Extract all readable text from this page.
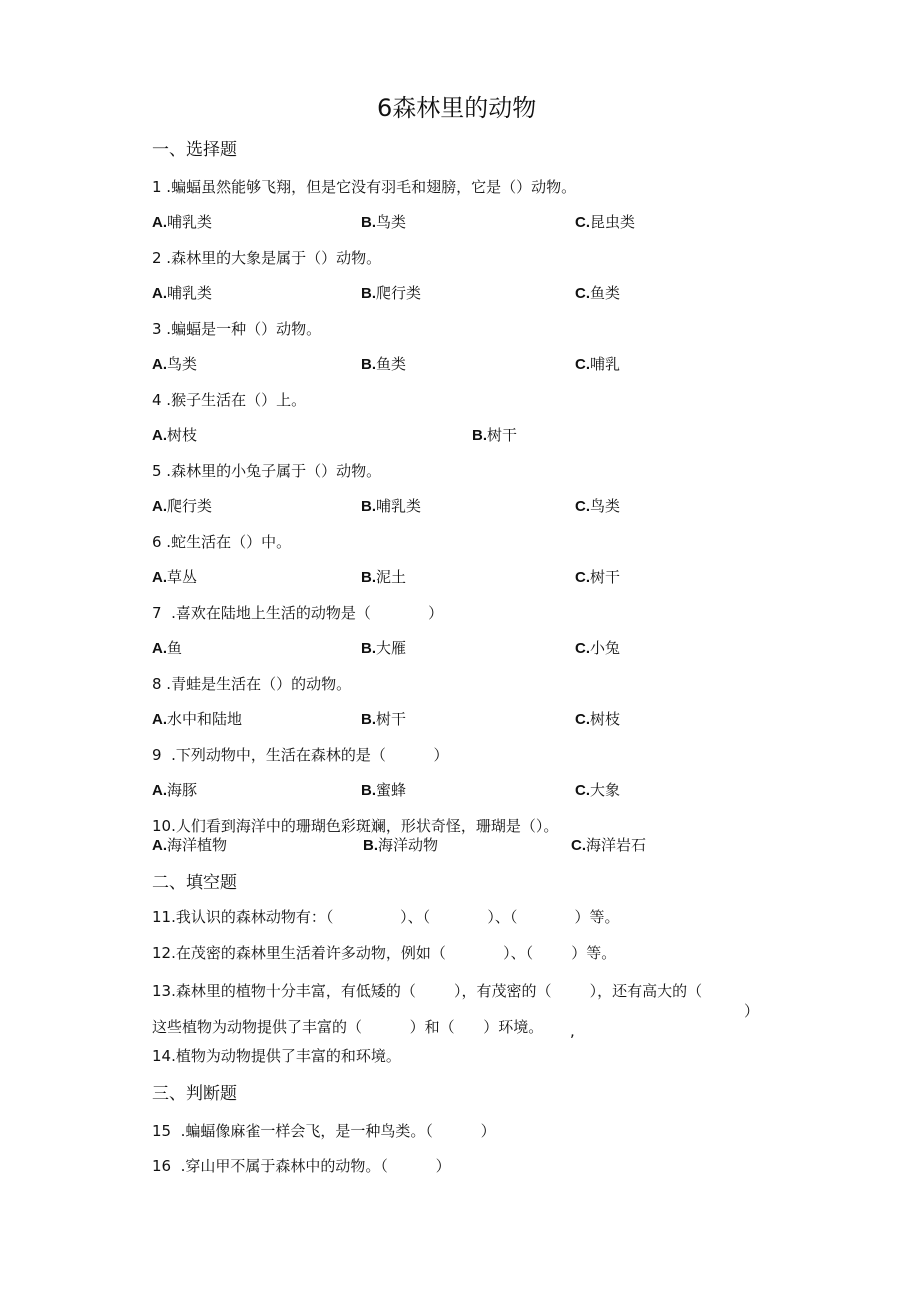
6森林里的动物
一、选择题
1 .蝙蝠虽然能够飞翔，但是它没有羽毛和翅膀，它是（）动物。
A.哺乳类	B.鸟类	C.昆虫类
2 .森林里的大象是属于（）动物。
A.哺乳类	B.爬行类	C.鱼类
3 .蝙蝠是一种（）动物。
A.鸟类	B.鱼类	C.哺乳
4 .猴子生活在（）上。
A.树枝	B.树干
5 .森林里的小兔子属于（）动物。
A.爬行类	B.哺乳类	C.鸟类
6 .蛇生活在（）中。
A.草丛	B.泥土	C.树干
7  .喜欢在陆地上生活的动物是（            ）
A.鱼	B.大雁	C.小兔
8 .青蛙是生活在（）的动物。
A.水中和陆地	B.树干	C.树枝
9  .下列动物中，生活在森林的是（          ）
A.海豚	B.蜜蜂	C.大象
10.人们看到海洋中的珊瑚色彩斑斓，形状奇怪，珊瑚是（）。
A.海洋植物	B.海洋动物	C.海洋岩石
二、填空题
11.我认识的森林动物有：（              ）、（            ）、（            ）等。
12.在茂密的森林里生活着许多动物，例如（            ）、（        ）等。
13.森林里的植物十分丰富，有低矮的（        ），有茂密的（        ），还有高大的（
）
这些植物为动物提供了丰富的（          ）和（      ）环境。 ,
14.植物为动物提供了丰富的和环境。
三、判断题
15  .蝙蝠像麻雀一样会飞，是一种鸟类。（          ）
16  .穿山甲不属于森林中的动物。（          ）
